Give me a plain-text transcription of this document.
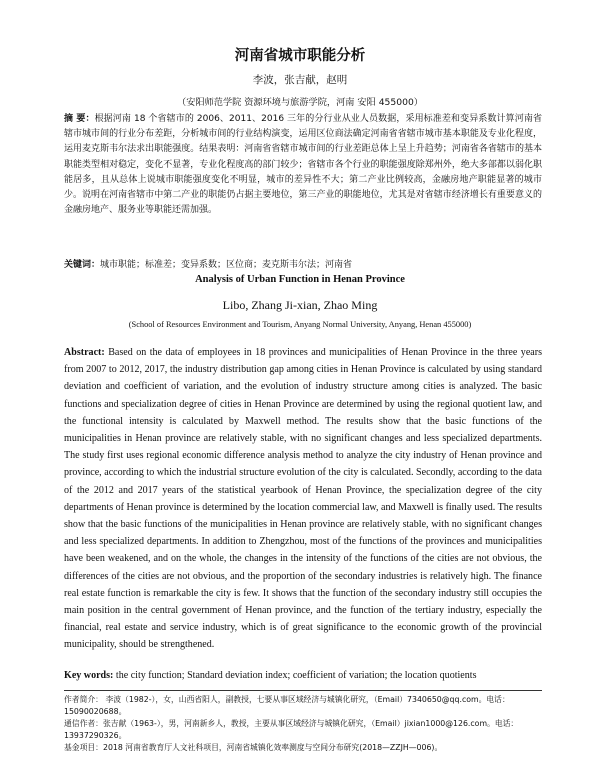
河南省城市职能分析
李波，张吉献，赵明
（安阳师范学院 资源环境与旅游学院，河南 安阳 455000）
摘 要：根据河南 18 个省辖市的 2006、2011、2016 三年的分行业从业人员数据，采用标准差和变异系数计算河南省辖市城市间的行业分布差距，分析城市间的行业结构演变，运用区位商法确定河南省省辖市城市基本职能及专业化程度，运用麦克斯韦尔法求出职能强度。结果表明：河南省省辖市城市间的行业差距总体上呈上升趋势；河南省各省辖市的基本职能类型相对稳定，变化不显著，专业化程度高的部门较少；省辖市各个行业的职能强度除郑州外，绝大多部都以弱化职能居多，且从总体上说城市职能强度变化不明显，城市的差异性不大；第二产业比例较高，金融房地产职能显著的城市少。说明在河南省辖市中第二产业的职能仍占据主要地位，第三产业的职能地位，尤其是对省辖市经济增长有重要意义的金融房地产、服务业等职能还需加强。
关键词：城市职能；标准差；变异系数；区位商；麦克斯韦尔法；河南省
Analysis of Urban Function in Henan Province
Libo, Zhang Ji-xian, Zhao Ming
(School of Resources Environment and Tourism, Anyang Normal University, Anyang, Henan 455000)
Abstract: Based on the data of employees in 18 provinces and municipalities of Henan Province in the three years from 2007 to 2012, 2017, the industry distribution gap among cities in Henan Province is calculated by using standard deviation and coefficient of variation, and the evolution of industry structure among cities is analyzed. The basic functions and specialization degree of cities in Henan Province are determined by using the regional quotient law, and the functional intensity is calculated by Maxwell method. The results show that the basic functions of the municipalities in Henan province are relatively stable, with no significant changes and less specialized departments. The study first uses regional economic difference analysis method to analyze the city industry of Henan province and province, according to which the industrial structure evolution of the city is calculated. Secondly, according to the data of the 2012 and 2017 years of the statistical yearbook of Henan Province, the specialization degree of the city departments of Henan province is determined by the location commercial law, and Maxwell is finally used. The results show that the basic functions of the municipalities in Henan province are relatively stable, with no significant changes and less specialized departments. In addition to Zhengzhou, most of the functions of the provinces and municipalities have been weakened, and on the whole, the changes in the intensity of the functions of the cities are not obvious, the differences of the cities are not obvious, and the proportion of the secondary industries is relatively high. The finance real estate function is remarkable the city is few. It shows that the function of the secondary industry still occupies the main position in the central government of Henan province, and the function of the tertiary industry, especially the financial, real estate and service industry, which is of great significance to the economic growth of the provincial municipality, should be strengthened.
Key words: the city function; Standard deviation index; coefficient of variation; the location quotients
作者简介： 李波（1982-），女，山西省阳人，副教授，七要从事区域经济与城镇化研究，（Email）7340650@qq.com。电话：15090020688。
通信作者：张吉献（1963-），男，河南新乡人，教授，主要从事区域经济与城镇化研究，（Email）jixian1000@126.com。电话：13937290326。
基金项目：2018 河南省教育厅人文社科项目，河南省城镇化效率测度与空间分布研究(2018—ZZJH—006)。
